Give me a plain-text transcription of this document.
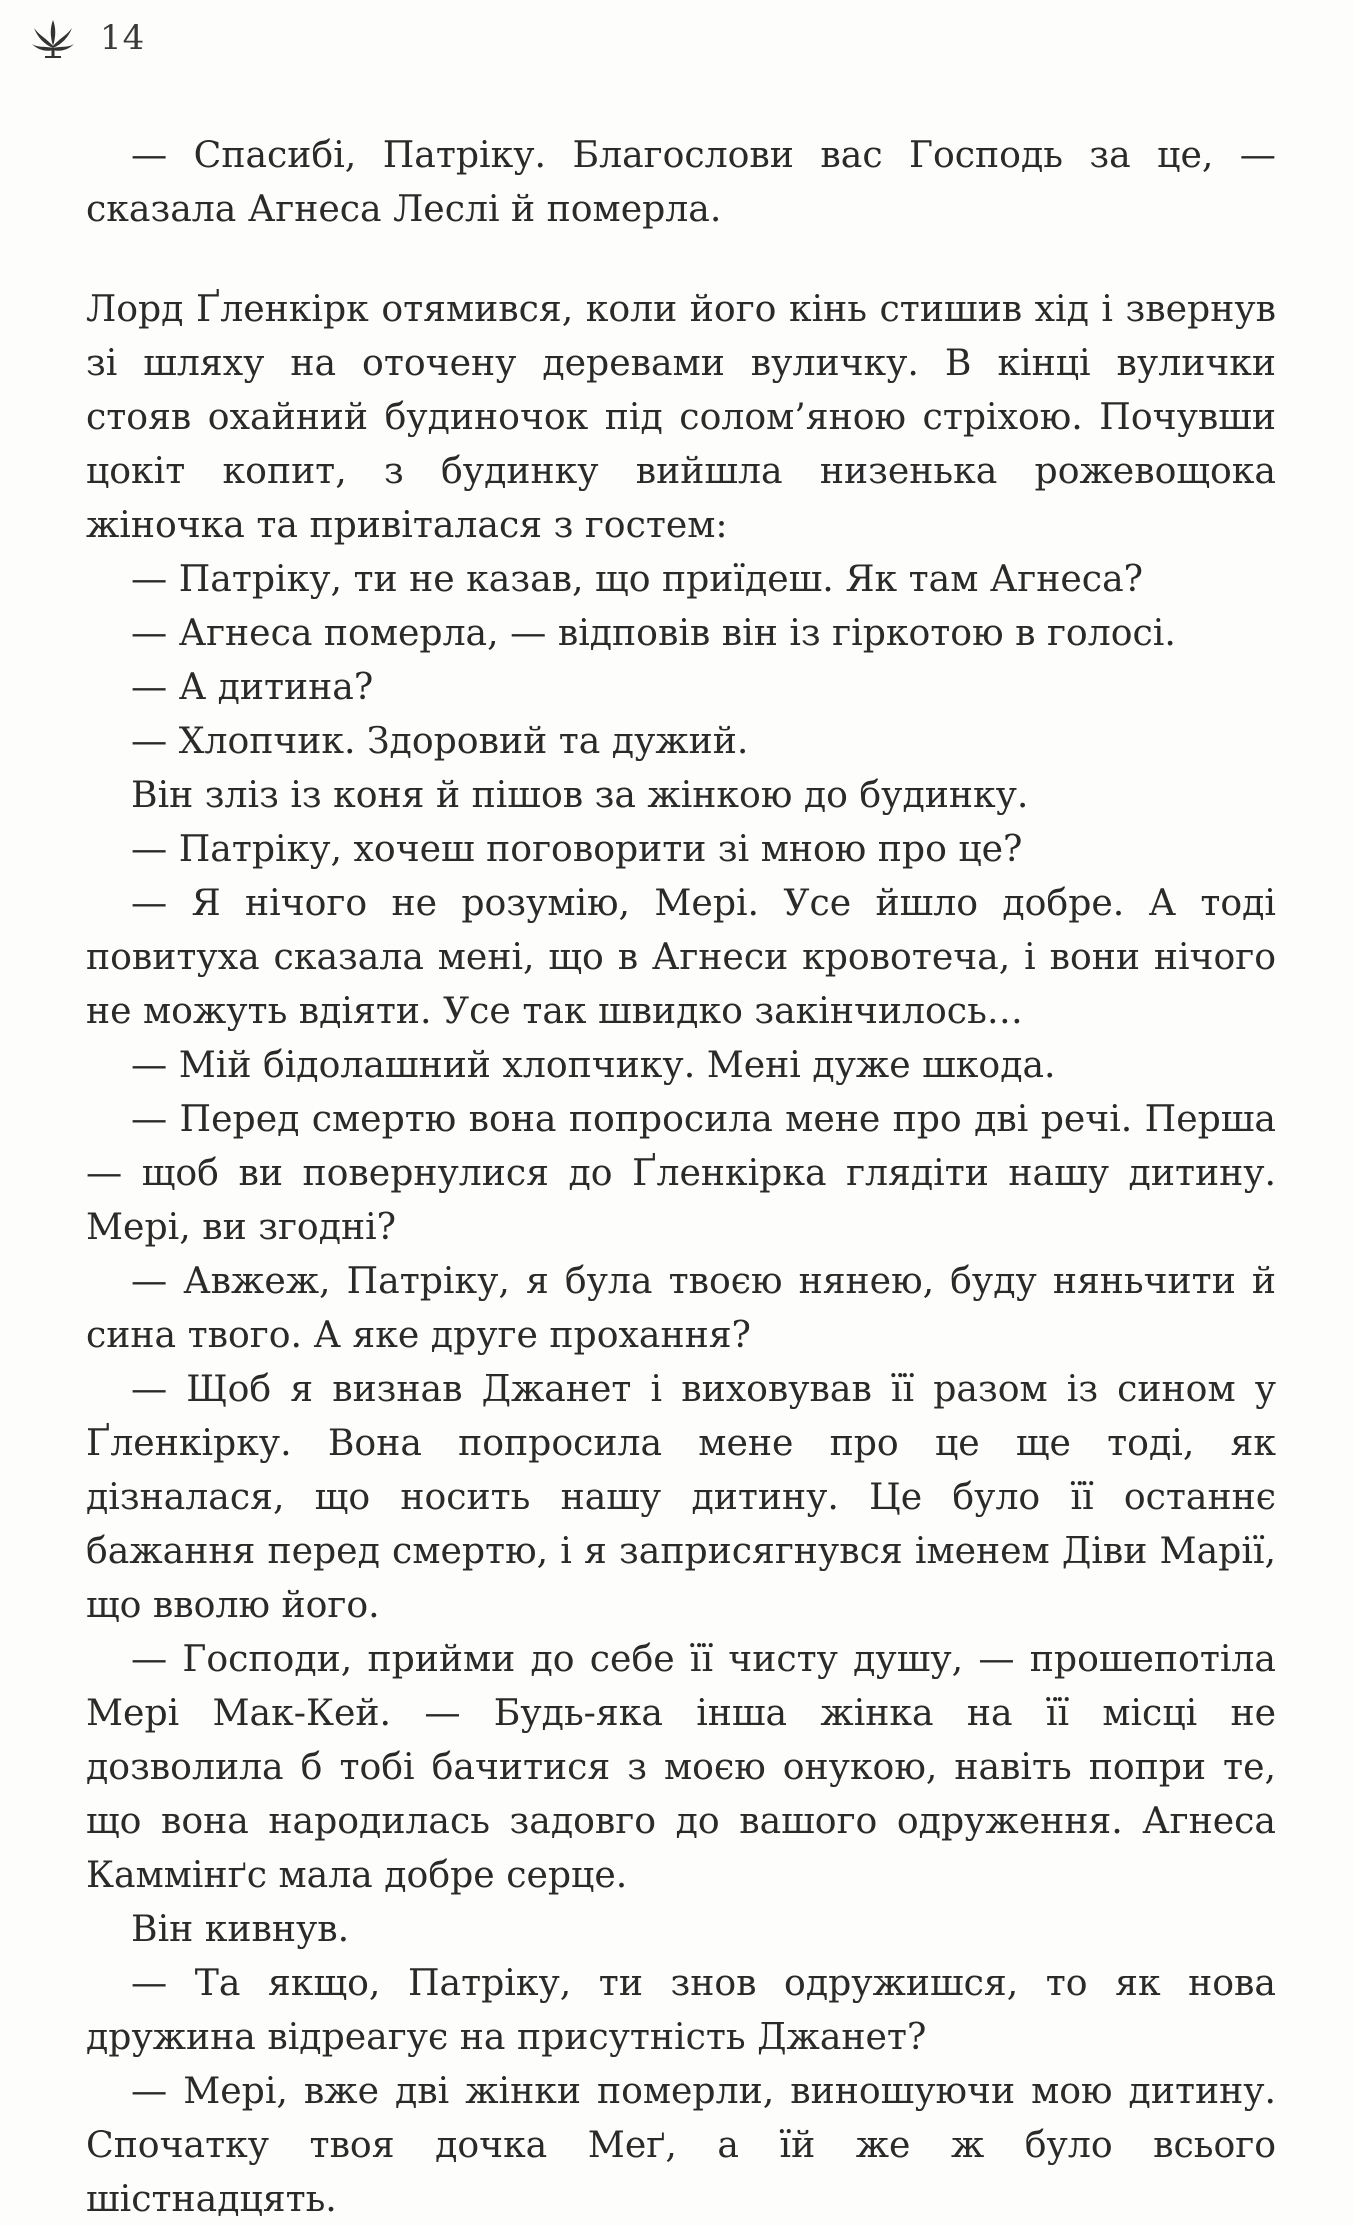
14

— Спасибі, Патріку. Благослови вас Господь за це, — сказала Агнеса Леслі й померла.

Лорд Ґленкірк отямився, коли його кінь стишив хід і звернув зі шляху на оточену деревами вуличку. В кінці вулички стояв охайний будиночок під солом’яною стріхою. Почувши цокіт копит, з будинку вийшла низенька рожевощока жіночка та привіталася з гостем:

— Патріку, ти не казав, що приїдеш. Як там Агнеса?

— Агнеса померла, — відповів він із гіркотою в голосі.

— А дитина?

— Хлопчик. Здоровий та дужий.

Він зліз із коня й пішов за жінкою до будинку.

— Патріку, хочеш поговорити зі мною про це?

— Я нічого не розумію, Мері. Усе йшло добре. А тоді повитуха сказала мені, що в Агнеси кровотеча, і вони нічого не можуть вдіяти. Усе так швидко закінчилось…

— Мій бідолашний хлопчику. Мені дуже шкода.

— Перед смертю вона попросила мене про дві речі. Перша — щоб ви повернулися до Ґленкірка глядіти нашу дитину. Мері, ви згодні?

— Авжеж, Патріку, я була твоєю нянею, буду няньчити й сина твого. А яке друге прохання?

— Щоб я визнав Джанет і виховував її разом із сином у Ґленкірку. Вона попросила мене про це ще тоді, як дізналася, що носить нашу дитину. Це було її останнє бажання перед смертю, і я заприсягнувся іменем Діви Марії, що вволю його.

— Господи, прийми до себе її чисту душу, — прошепотіла Мері Мак-Кей. — Будь-яка інша жінка на її місці не дозволила б тобі бачитися з моєю онукою, навіть попри те, що вона народилась задовго до вашого одруження. Агнеса Каммінґс мала добре серце.

Він кивнув.

— Та якщо, Патріку, ти знов одружишся, то як нова дружина відреагує на присутність Джанет?

— Мері, вже дві жінки померли, виношуючи мою дитину. Спочатку твоя дочка Меґ, а їй же ж було всього шістнадцять.
